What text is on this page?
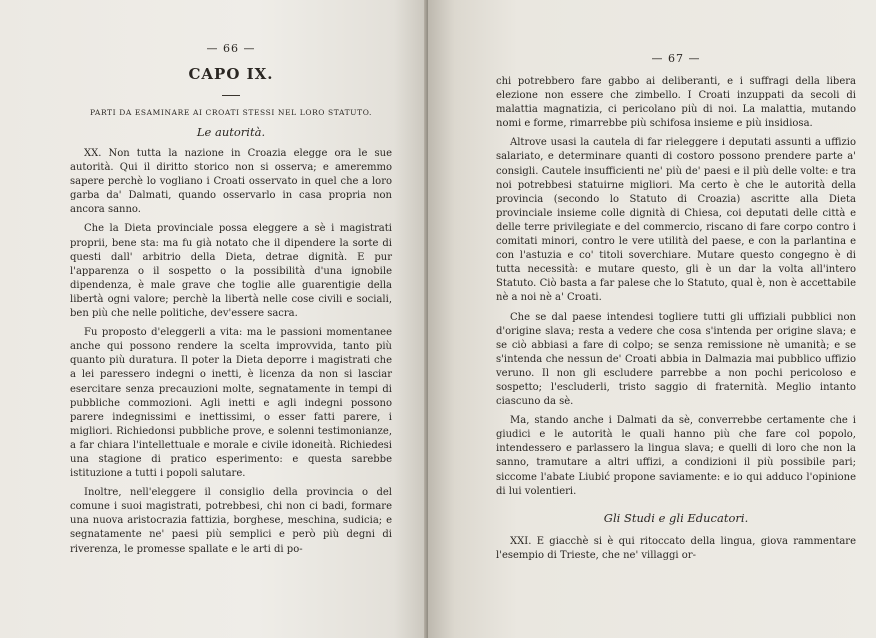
— 66 —
CAPO IX.
PARTI DA ESAMINARE AI CROATI STESSI NEL LORO STATUTO.
Le autorità.

XX. Non tutta la nazione in Croazia elegge ora le sue autorità. Qui il diritto storico non si osserva; e ameremmo sapere perchè lo vogliano i Croati osservato in quel che a loro garba da' Dalmati, quando osservarlo in casa propria non ancora sanno.

Che la Dieta provinciale possa eleggere a sè i magistrati proprii, bene sta: ma fu già notato che il dipendere la sorte di questi dall' arbitrio della Dieta, detrae dignità. E pur l'apparenza o il sospetto o la possibilità d'una ignobile dipendenza, è male grave che toglie alle guarentigie della libertà ogni valore; perchè la libertà nelle cose civili e sociali, ben più che nelle politiche, dev'essere sacra.

Fu proposto d'eleggerli a vita: ma le passioni momentanee anche qui possono rendere la scelta improvvida, tanto più quanto più duratura. Il poter la Dieta deporre i magistrati che a lei paressero indegni o inetti, è licenza da non si lasciar esercitare senza precauzioni molte, segnatamente in tempi di pubbliche commozioni. Agli inetti e agli indegni possono parere indegnissimi e inettissimi, o esser fatti parere, i migliori. Richiedonsi pubbliche prove, e solenni testimonianze, a far chiara l'intellettuale e morale e civile idoneità. Richiedesi una stagione di pratico esperimento: e questa sarebbe istituzione a tutti i popoli salutare.

Inoltre, nell'eleggere il consiglio della provincia o del comune i suoi magistrati, potrebbesi, chi non ci badi, formare una nuova aristocrazia fattizia, borghese, meschina, sudicia; e segnatamente ne' paesi più semplici e però più degni di riverenza, le promesse spallate e le arti di po-

— 67 —

chi potrebbero fare gabbo ai deliberanti, e i suffragi della libera elezione non essere che zimbello. I Croati inzuppati da secoli di malattia magnatizia, ci pericolano più di noi. La malattia, mutando nomi e forme, rimarrebbe più schifosa insieme e più insidiosa.

Altrove usasi la cautela di far rieleggere i deputati assunti a uffizio salariato, e determinare quanti di costoro possono prendere parte a' consigli. Cautele insufficienti ne' più de' paesi e il più delle volte: e tra noi potrebbesi statuirne migliori. Ma certo è che le autorità della provincia (secondo lo Statuto di Croazia) ascritte alla Dieta provinciale insieme colle dignità di Chiesa, coi deputati delle città e delle terre privilegiate e del commercio, riscano di fare corpo contro i comitati minori, contro le vere utilità del paese, e con la parlantina e con l'astuzia e co' titoli soverchiare. Mutare questo congegno è di tutta necessità: e mutare questo, gli è un dar la volta all'intero Statuto. Ciò basta a far palese che lo Statuto, qual è, non è accettabile nè a noi nè a' Croati.

Che se dal paese intendesi togliere tutti gli uffiziali pubblici non d'origine slava; resta a vedere che cosa s'intenda per origine slava; e se ciò abbiasi a fare di colpo; se senza remissione nè umanità; e se s'intenda che nessun de' Croati abbia in Dalmazia mai pubblico uffizio veruno. Il non gli escludere parrebbe a non pochi pericoloso e sospetto; l'escluderli, tristo saggio di fraternità. Meglio intanto ciascuno da sè.

Ma, stando anche i Dalmati da sè, converrebbe certamente che i giudici e le autorità le quali hanno più che fare col popolo, intendessero e parlassero la lingua slava; e quelli di loro che non la sanno, tramutare a altri uffizi, a condizioni il più possibile pari; siccome l'abate Liubić propone saviamente: e io qui adduco l'opinione di lui volentieri.

Gli Studi e gli Educatori.

XXI. E giacchè si è qui ritoccato della lingua, giova rammentare l'esempio di Trieste, che ne' villaggi or-
